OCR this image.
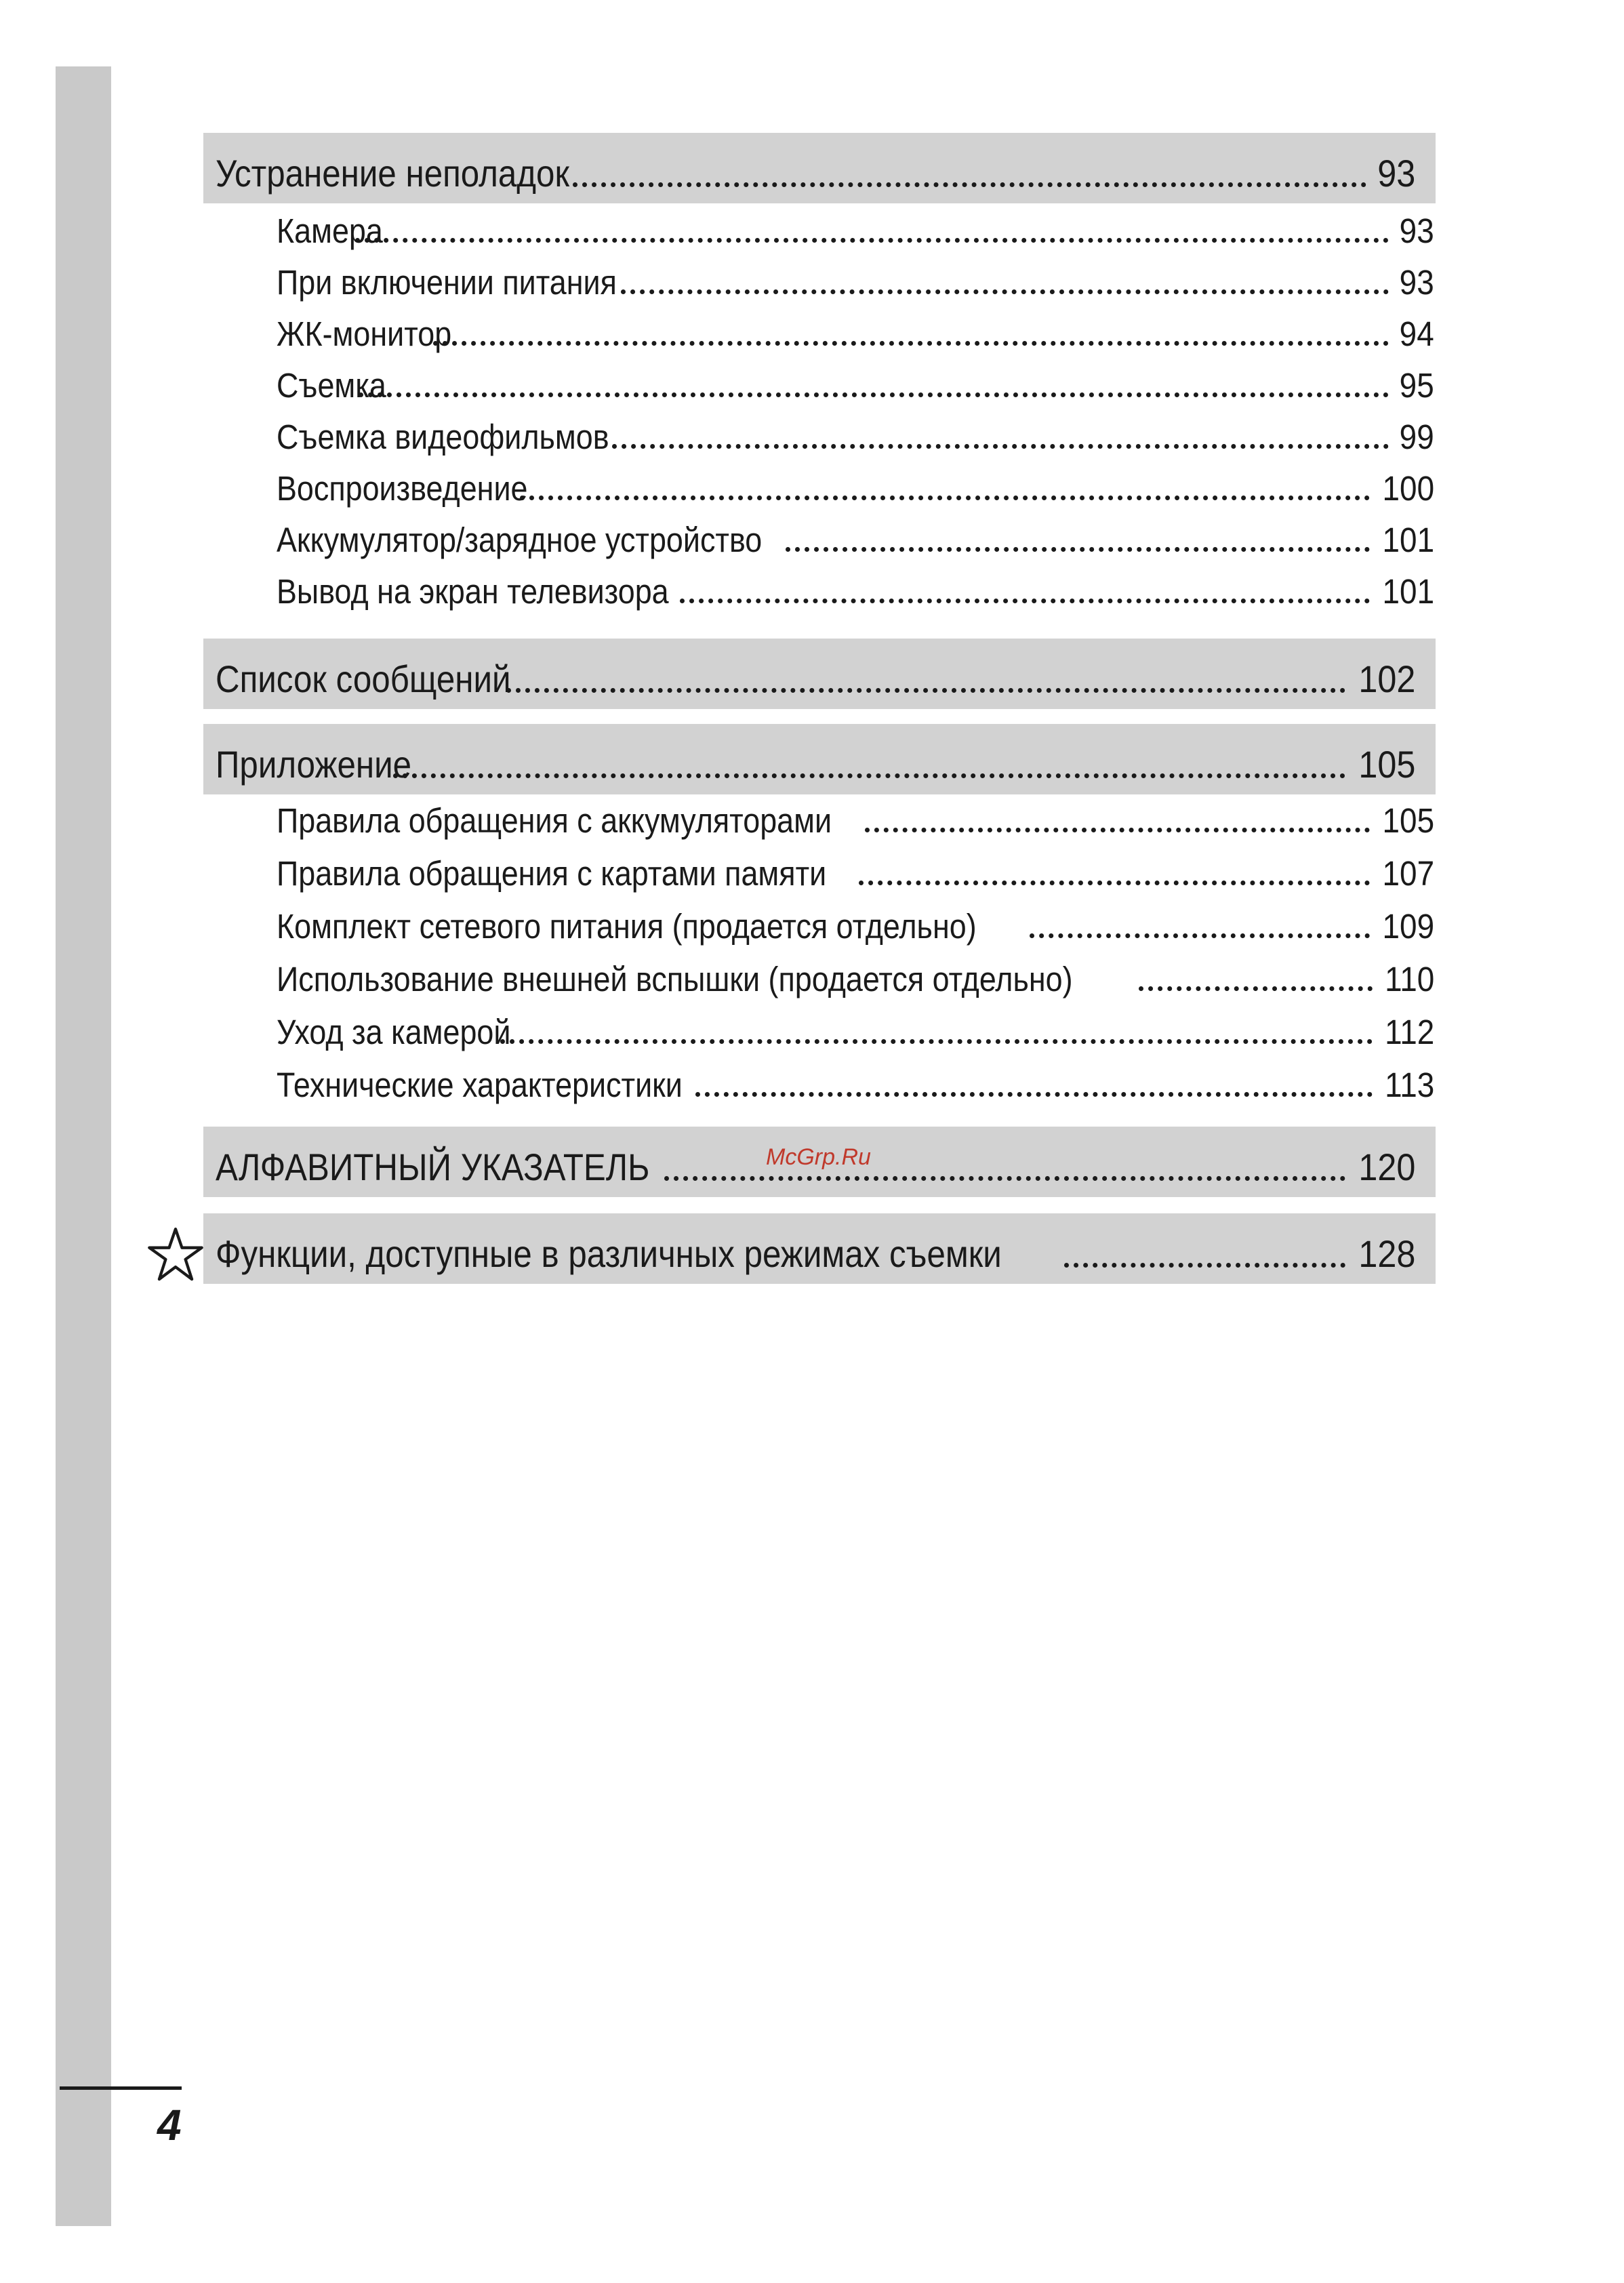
Устранение неполадок	93
Камера	93
При включении питания	93
ЖК-монитор	94
Съемка	95
Съемка видеофильмов	99
Воспроизведение	100
Аккумулятор/зарядное устройство	101
Вывод на экран телевизора	101
Список сообщений	102
Приложение	105
Правила обращения с аккумуляторами	105
Правила обращения с картами памяти	107
Комплект сетевого питания (продается отдельно)	109
Использование внешней вспышки (продается отдельно)	110
Уход за камерой	112
Технические характеристики	113
АЛФАВИТНЫЙ УКАЗАТЕЛЬ	120
McGrp.Ru
Функции, доступные в различных режимах съемки	128
4
